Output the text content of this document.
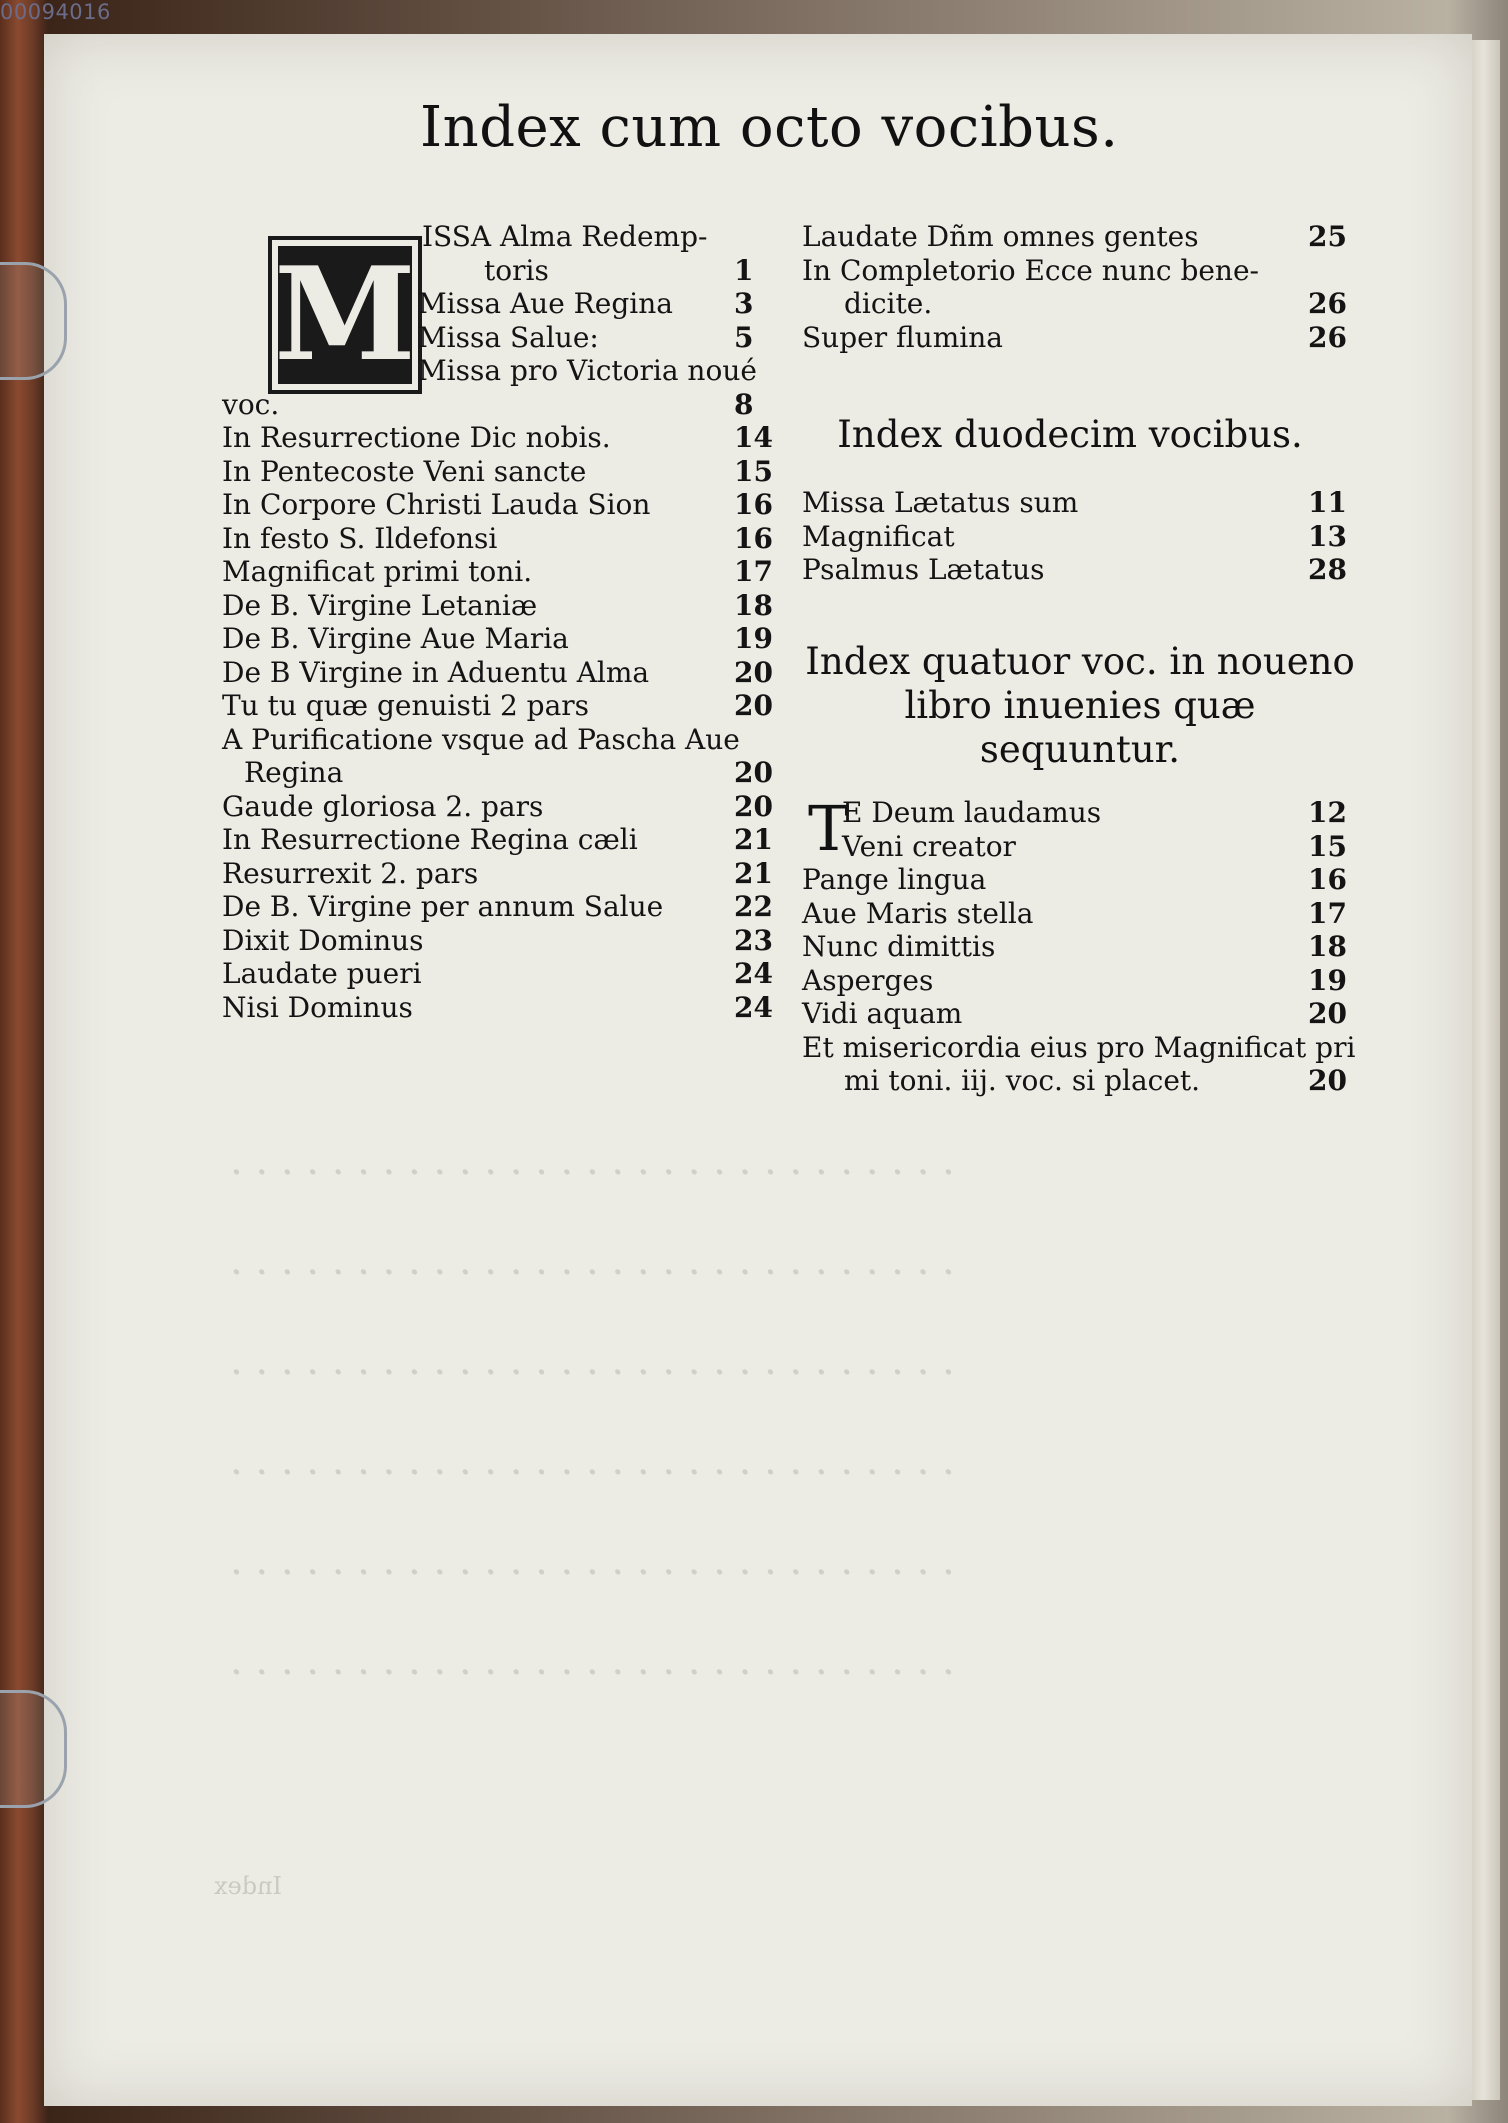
00094016
· · · · · · · · · · · · · · · · · · · · · · · · · · · · ·
· · · · · · · · · · · · · · · · · · · · · · · · · · · · ·
· · · · · · · · · · · · · · · · · · · · · · · · · · · · ·
· · · · · · · · · · · · · · · · · · · · · · · · · · · · ·
· · · · · · · · · · · · · · · · · · · · · · · · · · · · ·
· · · · · · · · · · · · · · · · · · · · · · · · · · · · ·
Index
Index cum octo vocibus.
M
ISSA Alma Redemp-
toris	1
Missa Aue Regina 3
Missa Salue:	5
Missa pro Victoria noué
voc.	8
In Resurrectione Dic nobis.	14
In Pentecoste Veni sancte	15
In Corpore Christi Lauda Sion	16
In festo S. Ildefonsi	16
Magnificat primi toni.	17
De B. Virgine Letaniæ	18
De B. Virgine Aue Maria	19
De B Virgine in Aduentu Alma	20
Tu tu quæ genuisti 2 pars	20
A Purificatione vsque ad Pascha Aue
Regina	20
Gaude gloriosa 2. pars	20
In Resurrectione Regina cæli	21
Resurrexit 2. pars	21
De B. Virgine per annum Salue	22
Dixit Dominus	23
Laudate pueri	24
Nisi Dominus	24
Laudate Dñm omnes gentes	25
In Completorio Ecce nunc bene-
dicite.	26
Super flumina	26
Index duodecim vocibus.
Missa Lætatus sum	11
Magnificat	13
Psalmus Lætatus	28
Index quatuor voc. in noueno
libro inuenies quæ
sequuntur.
T
E Deum laudamus	12
Veni creator	15
Pange lingua	16
Aue Maris stella	17
Nunc dimittis	18
Asperges	19
Vidi aquam	20
Et misericordia eius pro Magnificat pri
mi toni. iij. voc. si placet.	20
